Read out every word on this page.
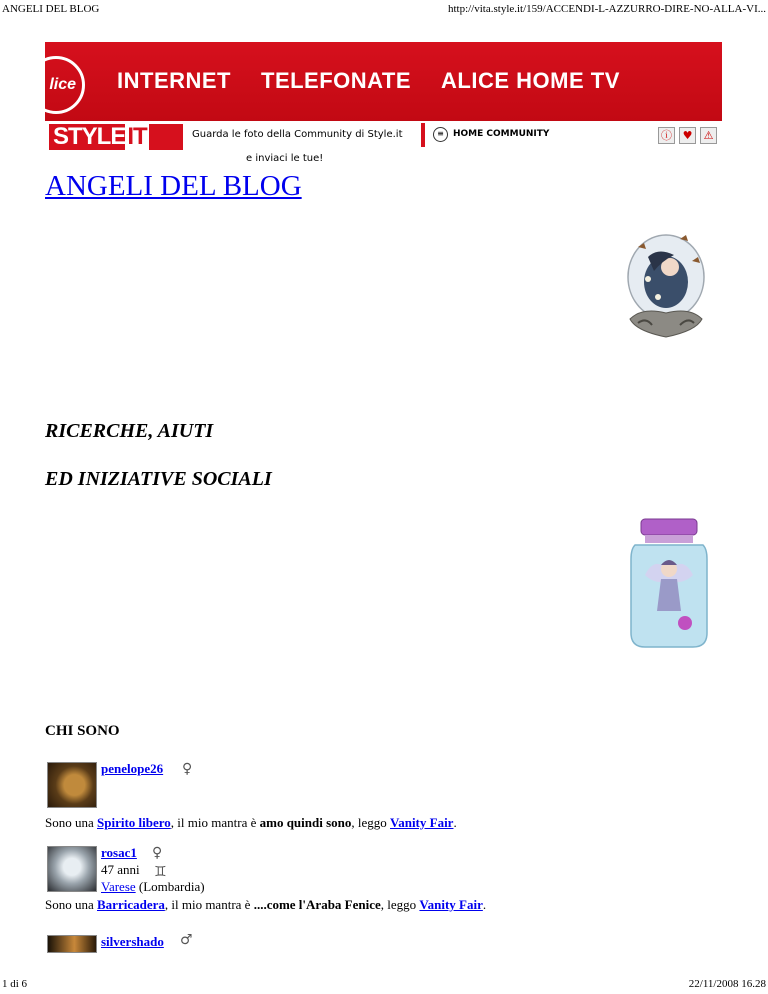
ANGELI DEL BLOG	http://vita.style.it/159/ACCENDI-L-AZZURRO-DIRE-NO-ALLA-VI...
lice	INTERNET TELEFONATE ALICE HOME TV
STYLEIT	Guarda le foto della Community di Style.it
e inviaci le tue!
≡	HOME COMMUNITY	ⓘ ♥	⚠
ANGELI DEL BLOG
RICERCHE, AIUTI
ED INIZIATIVE SOCIALI
CHI SONO
penelope26 ♀
Sono una Spirito libero, il mio mantra è amo quindi sono, leggo Vanity Fair.
rosac1 ♀
47 anni ♊
Varese (Lombardia)
Sono una Barricadera, il mio mantra è ....come l'Araba Fenice, leggo Vanity Fair.
silvershado ♂
1 di 6	22/11/2008 16.28
